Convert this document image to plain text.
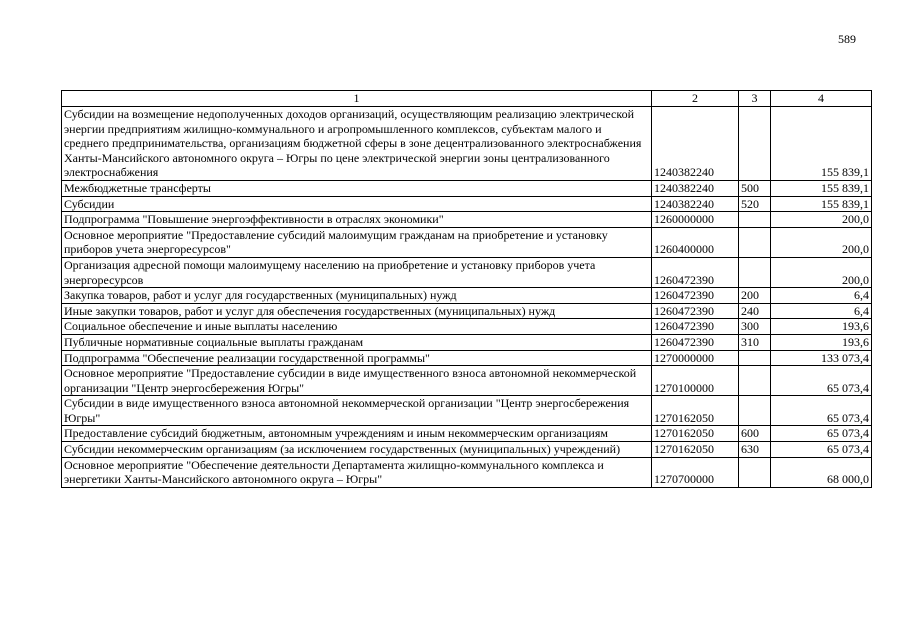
589
1	2	3	4
Субсидии на возмещение недополученных доходов организаций, осуществляющим реализацию электрической энергии предприятиям жилищно-коммунального и агропромышленного комплексов, субъектам малого и среднего предпринимательства, организациям бюджетной сферы в зоне децентрализованного электроснабжения Ханты-Мансийского автономного округа – Югры по цене электрической энергии зоны централизованного электроснабжения	1240382240		155 839,1
Межбюджетные трансферты	1240382240	500	155 839,1
Субсидии	1240382240	520	155 839,1
Подпрограмма "Повышение энергоэффективности в отраслях экономики"	1260000000		200,0
Основное мероприятие "Предоставление субсидий малоимущим гражданам на приобретение и установку приборов учета энергоресурсов"	1260400000		200,0
Организация адресной помощи малоимущему населению на приобретение и установку приборов учета энергоресурсов	1260472390		200,0
Закупка товаров, работ и услуг для государственных (муниципальных) нужд	1260472390	200	6,4
Иные закупки товаров, работ и услуг для обеспечения государственных (муниципальных) нужд	1260472390	240	6,4
Социальное обеспечение и иные выплаты населению	1260472390	300	193,6
Публичные нормативные социальные выплаты гражданам	1260472390	310	193,6
Подпрограмма "Обеспечение реализации государственной программы"	1270000000		133 073,4
Основное мероприятие "Предоставление субсидии в виде имущественного взноса автономной некоммерческой организации "Центр энергосбережения Югры"	1270100000		65 073,4
Субсидии в виде имущественного взноса автономной некоммерческой организации "Центр энергосбережения Югры"	1270162050		65 073,4
Предоставление субсидий бюджетным, автономным учреждениям и иным некоммерческим организациям	1270162050	600	65 073,4
Субсидии некоммерческим организациям (за исключением государственных (муниципальных) учреждений)	1270162050	630	65 073,4
Основное мероприятие "Обеспечение деятельности Департамента жилищно-коммунального комплекса и энергетики Ханты-Мансийского автономного округа – Югры"	1270700000		68 000,0
